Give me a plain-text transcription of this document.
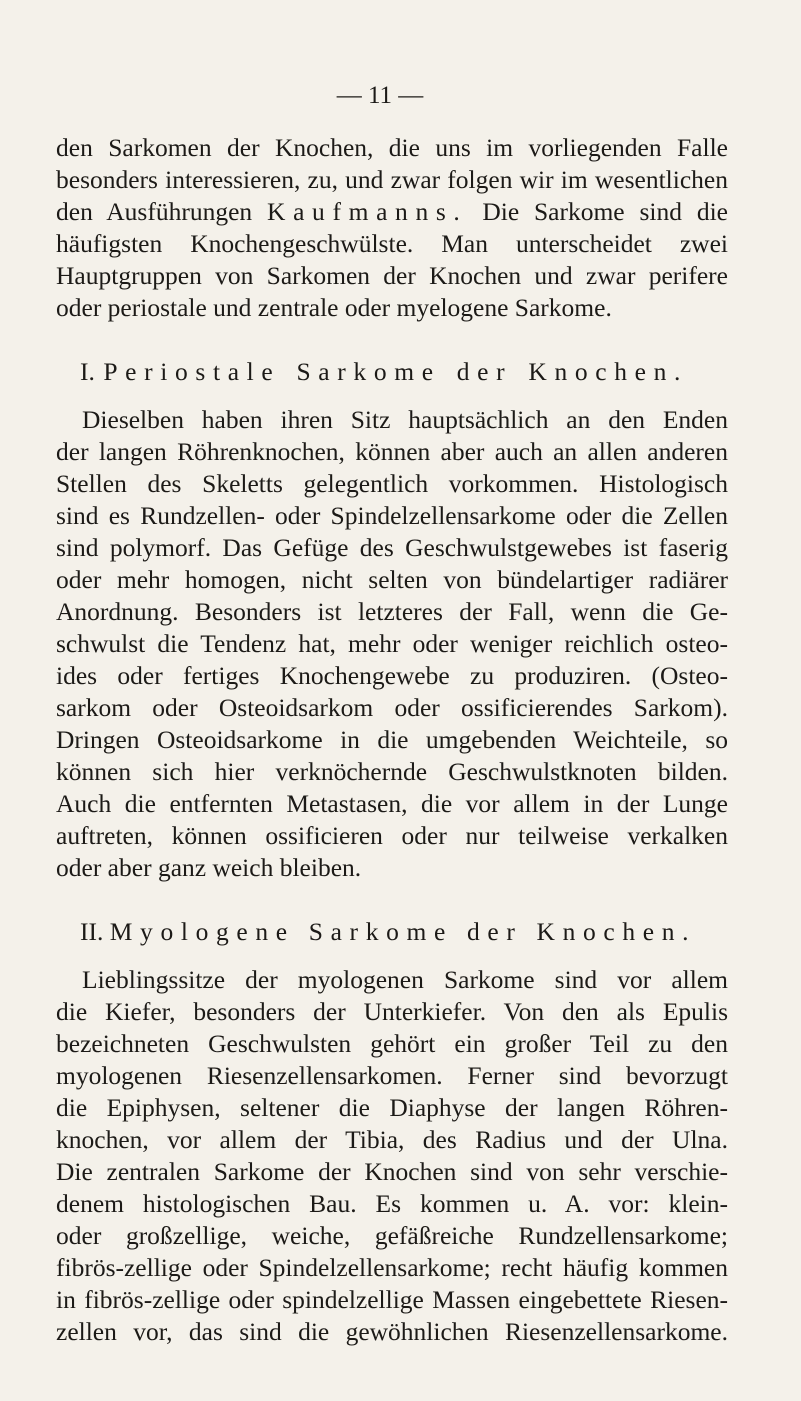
— 11 —
den Sarkomen der Knochen, die uns im vorliegenden Falle
besonders interessieren, zu, und zwar folgen wir im wesentlichen
den Ausführungen Kaufmanns. Die Sarkome sind die
häufigsten Knochengeschwülste. Man unterscheidet zwei
Hauptgruppen von Sarkomen der Knochen und zwar perifere
oder periostale und zentrale oder myelogene Sarkome.
I. Periostale Sarkome der Knochen.
Dieselben haben ihren Sitz hauptsächlich an den Enden
der langen Röhrenknochen, können aber auch an allen anderen
Stellen des Skeletts gelegentlich vorkommen. Histologisch
sind es Rundzellen- oder Spindelzellensarkome oder die Zellen
sind polymorf. Das Gefüge des Geschwulstgewebes ist faserig
oder mehr homogen, nicht selten von bündelartiger radiärer
Anordnung. Besonders ist letzteres der Fall, wenn die Ge-
schwulst die Tendenz hat, mehr oder weniger reichlich osteo-
ides oder fertiges Knochengewebe zu produziren. (Osteo-
sarkom oder Osteoidsarkom oder ossificierendes Sarkom).
Dringen Osteoidsarkome in die umgebenden Weichteile, so
können sich hier verknöchernde Geschwulstknoten bilden.
Auch die entfernten Metastasen, die vor allem in der Lunge
auftreten, können ossificieren oder nur teilweise verkalken
oder aber ganz weich bleiben.
II. Myologene Sarkome der Knochen.
Lieblingssitze der myologenen Sarkome sind vor allem
die Kiefer, besonders der Unterkiefer. Von den als Epulis
bezeichneten Geschwulsten gehört ein großer Teil zu den
myologenen Riesenzellensarkomen. Ferner sind bevorzugt
die Epiphysen, seltener die Diaphyse der langen Röhren-
knochen, vor allem der Tibia, des Radius und der Ulna.
Die zentralen Sarkome der Knochen sind von sehr verschie-
denem histologischen Bau. Es kommen u. A. vor: klein-
oder großzellige, weiche, gefäßreiche Rundzellensarkome;
fibrös-zellige oder Spindelzellensarkome; recht häufig kommen
in fibrös-zellige oder spindelzellige Massen eingebettete Riesen-
zellen vor, das sind die gewöhnlichen Riesenzellensarkome.
